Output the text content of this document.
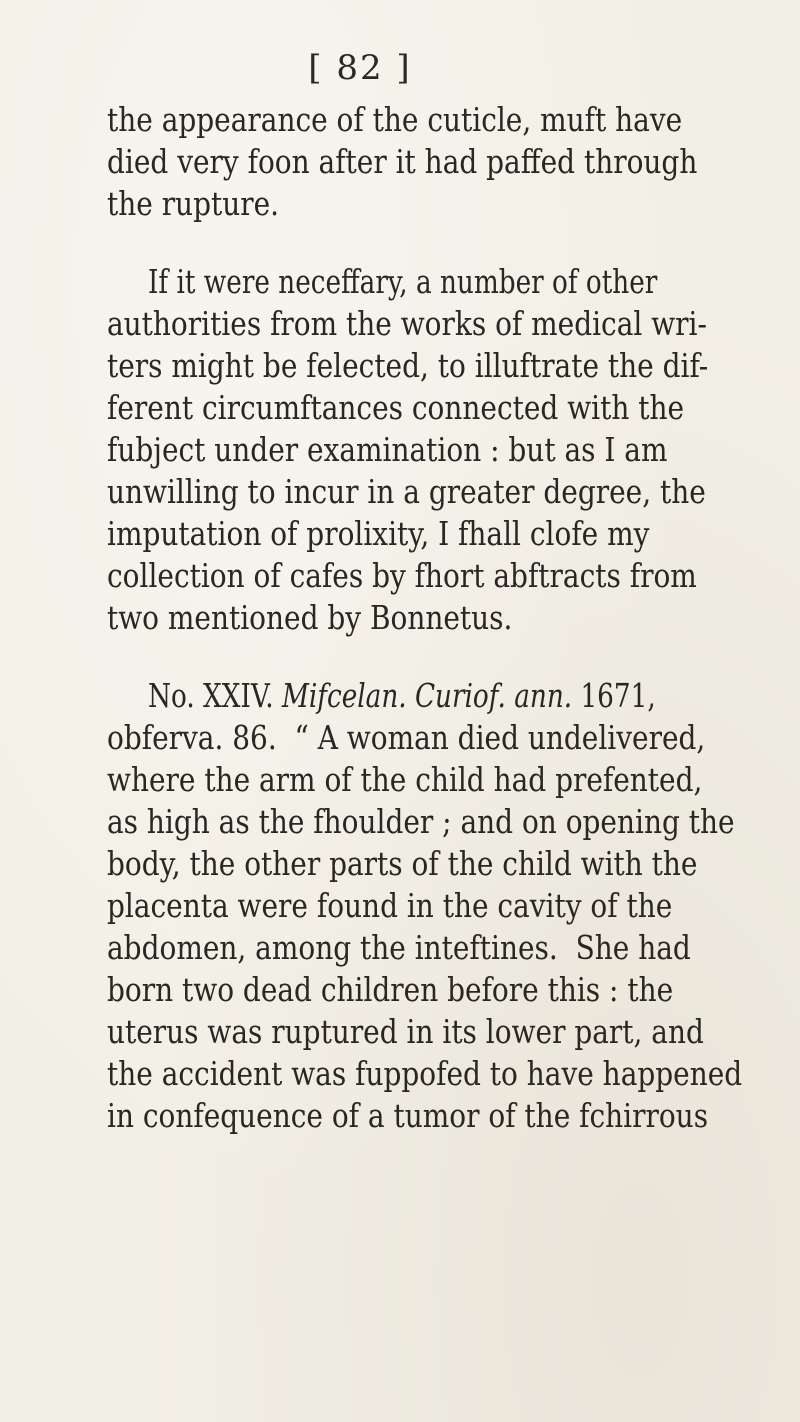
[ 82 ]
the appearance of the cuticle, muft have
died very foon after it had paffed through
the rupture.
If it were neceffary, a number of other
authorities from the works of medical wri-
ters might be felected, to illuftrate the dif-
ferent circumftances connected with the
fubject under examination : but as I am
unwilling to incur in a greater degree, the
imputation of prolixity, I fhall clofe my
collection of cafes by fhort abftracts from
two mentioned by Bonnetus.
No. XXIV. Mifcelan. Curiof. ann. 1671,
obferva. 86.  “ A woman died undelivered,
where the arm of the child had prefented,
as high as the fhoulder ; and on opening the
body, the other parts of the child with the
placenta were found in the cavity of the
abdomen, among the inteftines.  She had
born two dead children before this : the
uterus was ruptured in its lower part, and
the accident was fuppofed to have happened
in confequence of a tumor of the fchirrous
